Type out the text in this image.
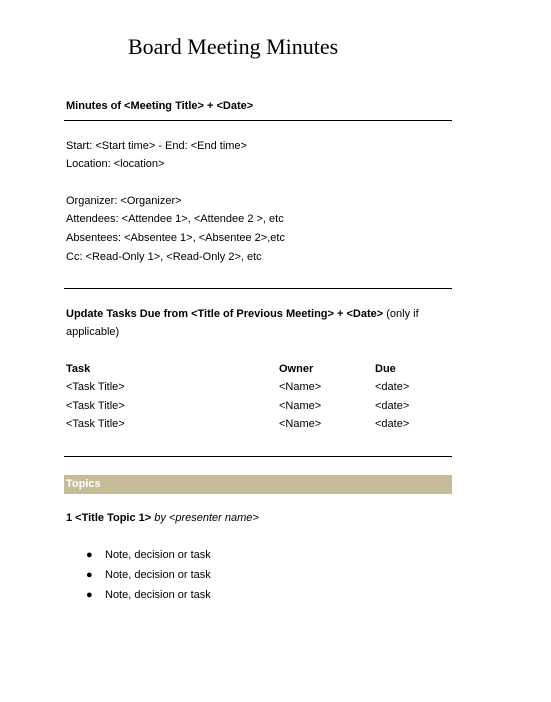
Board Meeting Minutes
Minutes of <Meeting Title> + <Date>
Start: <Start time> - End: <End time>
Location: <location>
Organizer: <Organizer>
Attendees: <Attendee 1>, <Attendee 2 >, etc
Absentees: <Absentee 1>, <Absentee 2>,etc
Cc: <Read-Only 1>, <Read-Only 2>, etc
Update Tasks Due from <Title of Previous Meeting> + <Date> (only if
applicable)
Task	Owner	Due
<Task Title>	<Name>	<date>
<Task Title>	<Name>	<date>
<Task Title>	<Name>	<date>
Topics
1 <Title Topic 1> by <presenter name>
● Note, decision or task
● Note, decision or task
● Note, decision or task
